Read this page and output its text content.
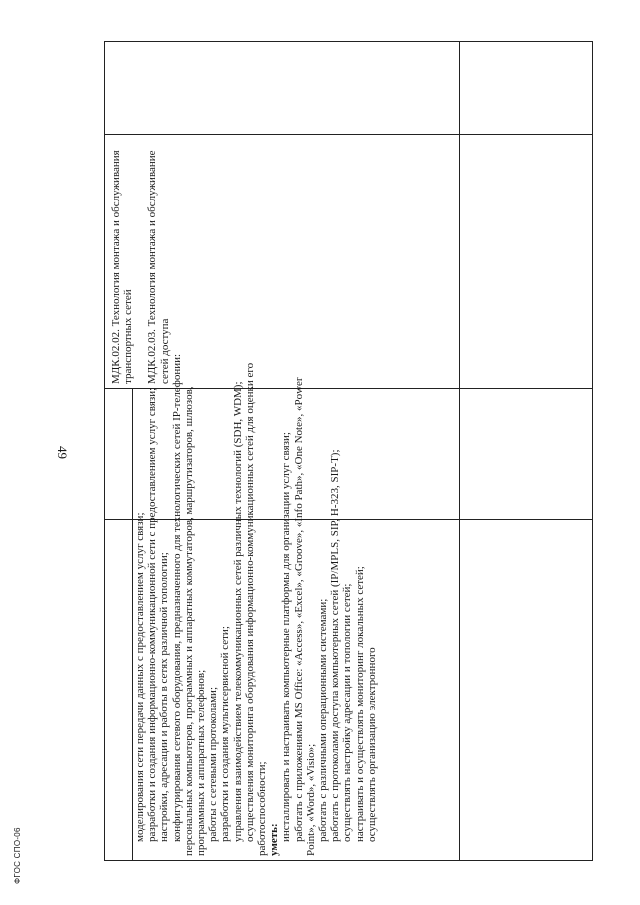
49
ФГОС СПО-06

моделирования сети передачи данных с предоставлением услуг связи; разработки и создания информационно-коммуникационной сети с предоставлением услуг связи; настройки, адресации и работы в сетях различной топологии; конфигурирования сетевого оборудования, предназначенного для технологических сетей IP-телефонии: персональных компьютеров, программных и аппаратных коммутаторов, маршрутизаторов, шлюзов, программных и аппаратных телефонов; работы с сетевыми протоколами; разработки и создания мультисервисной сети; управления взаимодействием телекоммуникационных сетей различных технологий (SDH, WDM); осуществления мониторинга оборудования информационно-коммуникационных сетей для оценки его работоспособности; уметь: инсталлировать и настраивать компьютерные платформы для организации услуг связи; работать с приложениями MS Office: «Access», «Excel», «Groove», «Info Path», «One Note», «Power Point», «Word», «Visio»; работать с различными операционными системами; работать с протоколами доступа компьютерных сетей (IP/MPLS, SIP, H-323, SIP-T); осуществлять настройку адресации и топологии сетей; настраивать и осуществлять мониторинг локальных сетей; осуществлять организацию электронного

МДК.02.02. Технология монтажа и обслуживания транспортных сетей МДК.02.03. Технология монтажа и обслуживание сетей доступа
